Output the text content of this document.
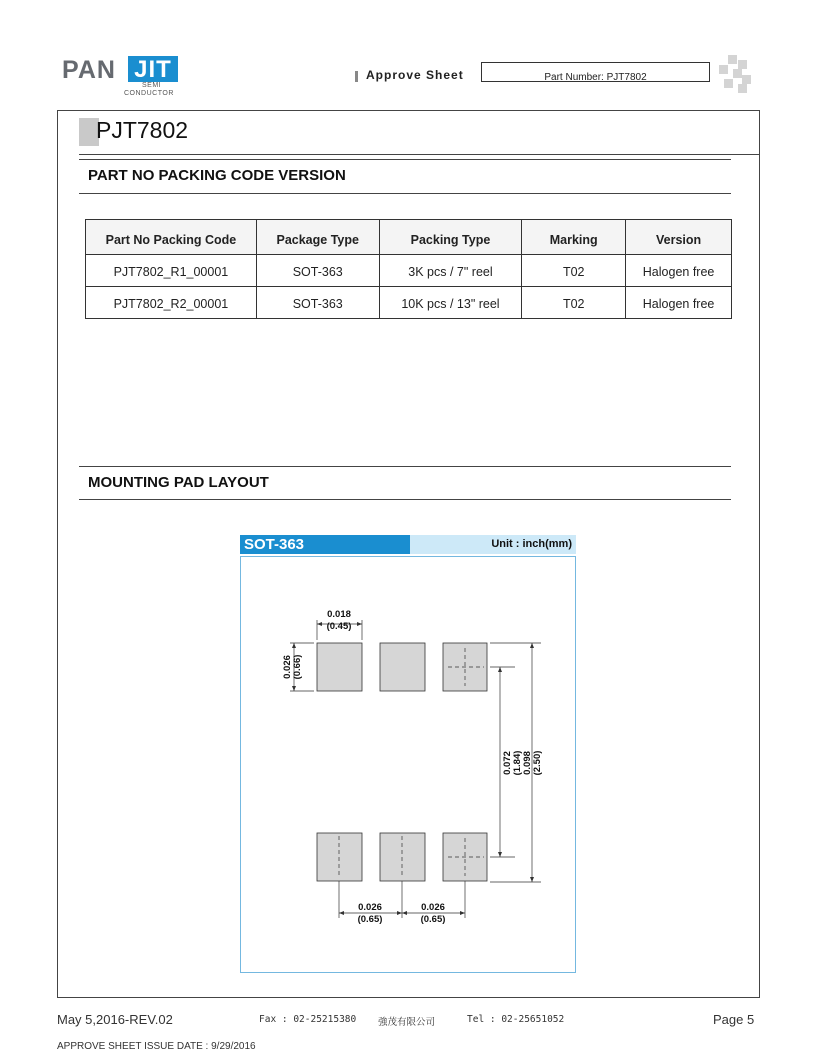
PAN JIT
SEMI
CONDUCTOR
Approve Sheet	Part Number: PJT7802
PJT7802
PART NO PACKING CODE VERSION
Part No Packing Code	Package Type	Packing Type	Marking	Version
PJT7802_R1_00001	SOT-363	3K pcs / 7" reel	T02	Halogen free
PJT7802_R2_00001	SOT-363	10K pcs / 13" reel	T02	Halogen free
MOUNTING PAD LAYOUT
SOT-363	Unit : inch(mm)
0.018
(0.45)
0.026 (0.66)
0.072 (1.84) 0.098 (2.50)
0.026
(0.65)
0.026
(0.65)
May 5,2016-REV.02	Fax : 02-25215380 強茂有限公司	Tel : 02-25651052	Page 5
APPROVE SHEET ISSUE DATE : 9/29/2016
